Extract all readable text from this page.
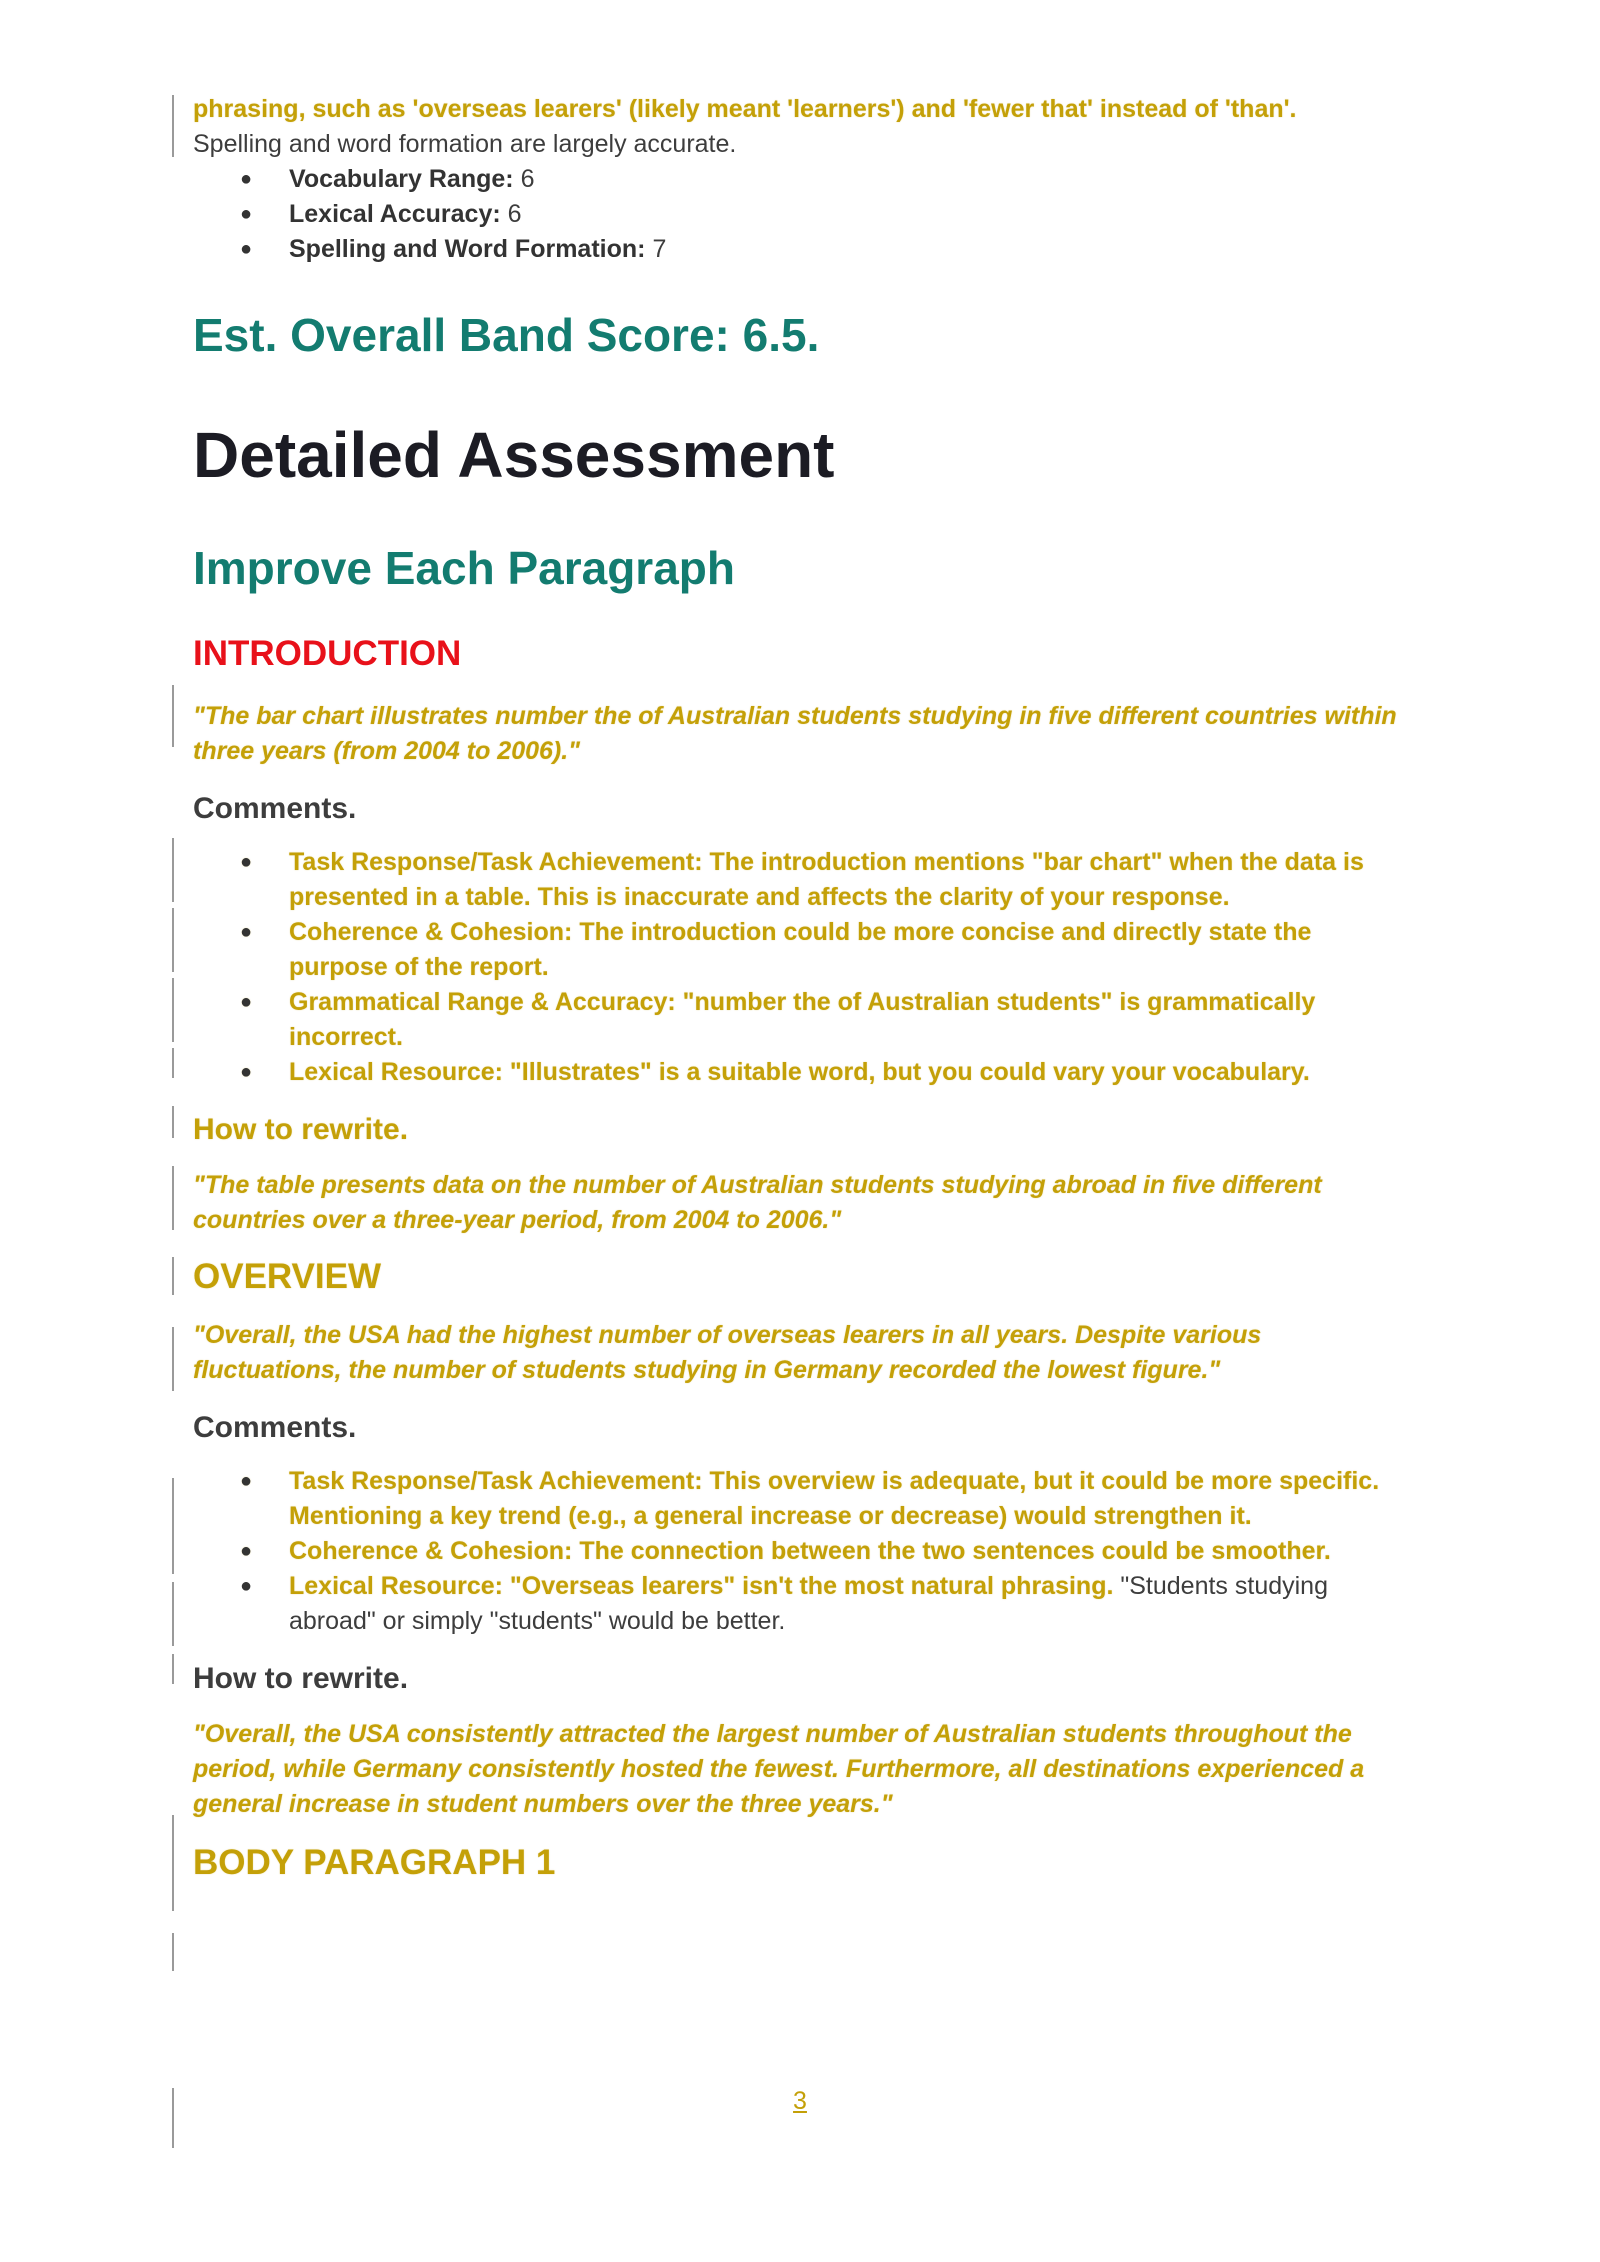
phrasing, such as 'overseas learers' (likely meant 'learners') and 'fewer that' instead of 'than'.

Spelling and word formation are largely accurate.

● Vocabulary Range: 6
● Lexical Accuracy: 6
● Spelling and Word Formation: 7
Est. Overall Band Score: 6.5.
Detailed Assessment
Improve Each Paragraph
INTRODUCTION
"The bar chart illustrates number the of Australian students studying in five different countries within three years (from 2004 to 2006)."
Comments.
● Task Response/Task Achievement: The introduction mentions "bar chart" when the data is presented in a table. This is inaccurate and affects the clarity of your response.
● Coherence & Cohesion: The introduction could be more concise and directly state the purpose of the report.
● Grammatical Range & Accuracy: "number the of Australian students" is grammatically incorrect.
● Lexical Resource: "Illustrates" is a suitable word, but you could vary your vocabulary.
How to rewrite.
"The table presents data on the number of Australian students studying abroad in five different countries over a three-year period, from 2004 to 2006."
OVERVIEW
"Overall, the USA had the highest number of overseas learers in all years. Despite various fluctuations, the number of students studying in Germany recorded the lowest figure."
Comments.
● Task Response/Task Achievement: This overview is adequate, but it could be more specific. Mentioning a key trend (e.g., a general increase or decrease) would strengthen it.
● Coherence & Cohesion: The connection between the two sentences could be smoother.
● Lexical Resource: "Overseas learers" isn't the most natural phrasing. "Students studying abroad" or simply "students" would be better.
How to rewrite.
"Overall, the USA consistently attracted the largest number of Australian students throughout the period, while Germany consistently hosted the fewest. Furthermore, all destinations experienced a general increase in student numbers over the three years."
BODY PARAGRAPH 1
3
